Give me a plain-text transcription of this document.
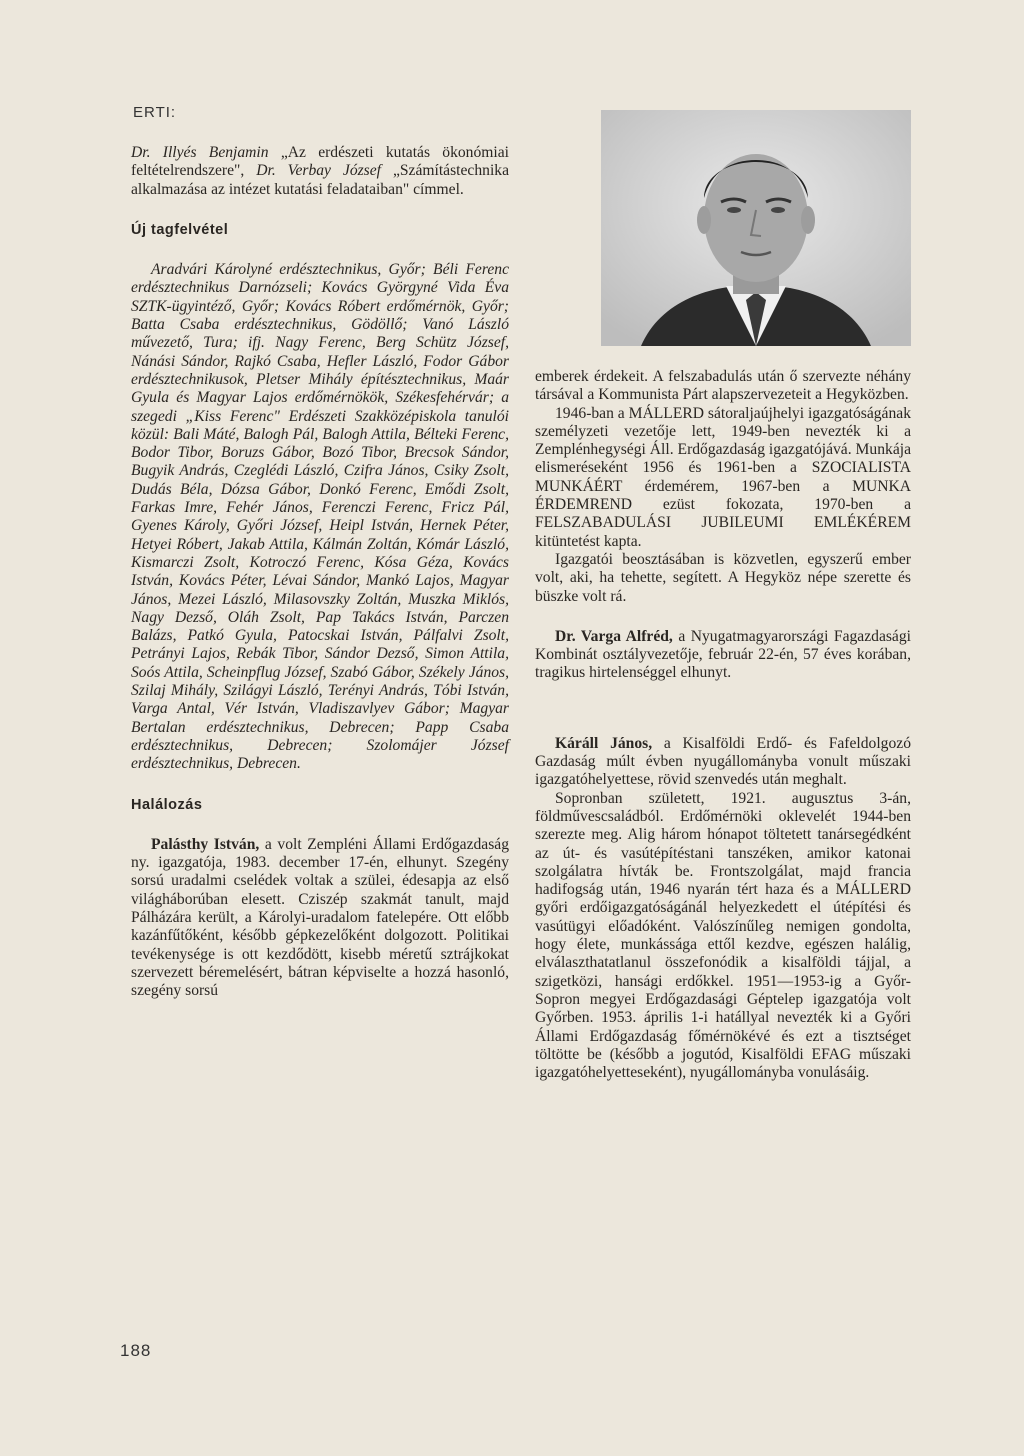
ERTI:

Dr. Illyés Benjamin „Az erdészeti kutatás ökonómiai feltételrendszere", Dr. Verbay József „Számítástechnika alkalmazása az intézet kutatási feladataiban" címmel.

Új tagfelvétel

Aradvári Károlyné erdésztechnikus, Győr; Béli Ferenc erdésztechnikus Darnózseli; Kovács Györgyné Vida Éva SZTK-ügyintéző, Győr; Kovács Róbert erdőmérnök, Győr; Batta Csaba erdésztechnikus, Gödöllő; Vanó László művezető, Tura; ifj. Nagy Ferenc, Berg Schütz József, Nánási Sándor, Rajkó Csaba, Hefler László, Fodor Gábor erdésztechnikusok, Pletser Mihály építésztechnikus, Maár Gyula és Magyar Lajos erdőmérnökök, Székesfehérvár; a szegedi „Kiss Ferenc" Erdészeti Szakközépiskola tanulói közül: Bali Máté, Balogh Pál, Balogh Attila, Bélteki Ferenc, Bodor Tibor, Boruzs Gábor, Bozó Tibor, Brecsok Sándor, Bugyik András, Czeglédi László, Czifra János, Csiky Zsolt, Dudás Béla, Dózsa Gábor, Donkó Ferenc, Emődi Zsolt, Farkas Imre, Fehér János, Ferenczi Ferenc, Fricz Pál, Gyenes Károly, Győri József, Heipl István, Hernek Péter, Hetyei Róbert, Jakab Attila, Kálmán Zoltán, Kómár László, Kismarczi Zsolt, Kotroczó Ferenc, Kósa Géza, Kovács István, Kovács Péter, Lévai Sándor, Mankó Lajos, Magyar János, Mezei László, Milasovszky Zoltán, Muszka Miklós, Nagy Dezső, Oláh Zsolt, Pap Takács István, Parczen Balázs, Patkó Gyula, Patocskai István, Pálfalvi Zsolt, Petrányi Lajos, Rebák Tibor, Sándor Dezső, Simon Attila, Soós Attila, Scheinpflug József, Szabó Gábor, Székely János, Szilaj Mihály, Szilágyi László, Terényi András, Tóbi István, Varga Antal, Vér István, Vladiszavlyev Gábor; Magyar Bertalan erdésztechnikus, Debrecen; Papp Csaba erdésztechnikus, Debrecen; Szolomájer József erdésztechnikus, Debrecen.

Halálozás

Palásthy István, a volt Zempléni Állami Erdőgazdaság ny. igazgatója, 1983. december 17-én, elhunyt. Szegény sorsú uradalmi cselédek voltak a szülei, édesapja az első világháborúban elesett. Cziszép szakmát tanult, majd Pálházára került, a Károlyi-uradalom fatelepére. Ott előbb kazánfűtőként, később gépkezelőként dolgozott. Politikai tevékenysége is ott kezdődött, kisebb méretű sztrájkokat szervezett béremelésért, bátran képviselte a hozzá hasonló, szegény sorsú

emberek érdekeit. A felszabadulás után ő szervezte néhány társával a Kommunista Párt alapszervezeteit a Hegyközben.

1946-ban a MÁLLERD sátoraljaújhelyi igazgatóságának személyzeti vezetője lett, 1949-ben nevezték ki a Zemplénhegységi Áll. Erdőgazdaság igazgatójává. Munkája elismeréseként 1956 és 1961-ben a SZOCIALISTA MUNKÁÉRT érdemérem, 1967-ben a MUNKA ÉRDEMREND ezüst fokozata, 1970-ben a FELSZABADULÁSI JUBILEUMI EMLÉKÉREM kitüntetést kapta.

Igazgatói beosztásában is közvetlen, egyszerű ember volt, aki, ha tehette, segített. A Hegyköz népe szerette és büszke volt rá.

Dr. Varga Alfréd, a Nyugatmagyarországi Fagazdasági Kombinát osztályvezetője, február 22-én, 57 éves korában, tragikus hirtelenséggel elhunyt.

Káráll János, a Kisalföldi Erdő- és Fafeldolgozó Gazdaság múlt évben nyugállományba vonult műszaki igazgatóhelyettese, rövid szenvedés után meghalt.

Sopronban született, 1921. augusztus 3-án, földművescsaládból. Erdőmérnöki oklevelét 1944-ben szerezte meg. Alig három hónapot töltetett tanársegédként az út- és vasútépítéstani tanszéken, amikor katonai szolgálatra hívták be. Frontszolgálat, majd francia hadifogság után, 1946 nyarán tért haza és a MÁLLERD győri erdőigazgatóságánál helyezkedett el útépítési és vasútügyi előadóként. Valószínűleg nemigen gondolta, hogy élete, munkássága ettől kezdve, egészen halálig, elválaszthatatlanul összefonódik a kisalföldi tájjal, a szigetközi, hansági erdőkkel. 1951—1953-ig a Győr-Sopron megyei Erdőgazdasági Géptelep igazgatója volt Győrben. 1953. április 1-i hatállyal nevezték ki a Győri Állami Erdőgazdaság főmérnökévé és ezt a tisztséget töltötte be (később a jogutód, Kisalföldi EFAG műszaki igazgatóhelyetteseként), nyugállományba vonulásáig.

188
